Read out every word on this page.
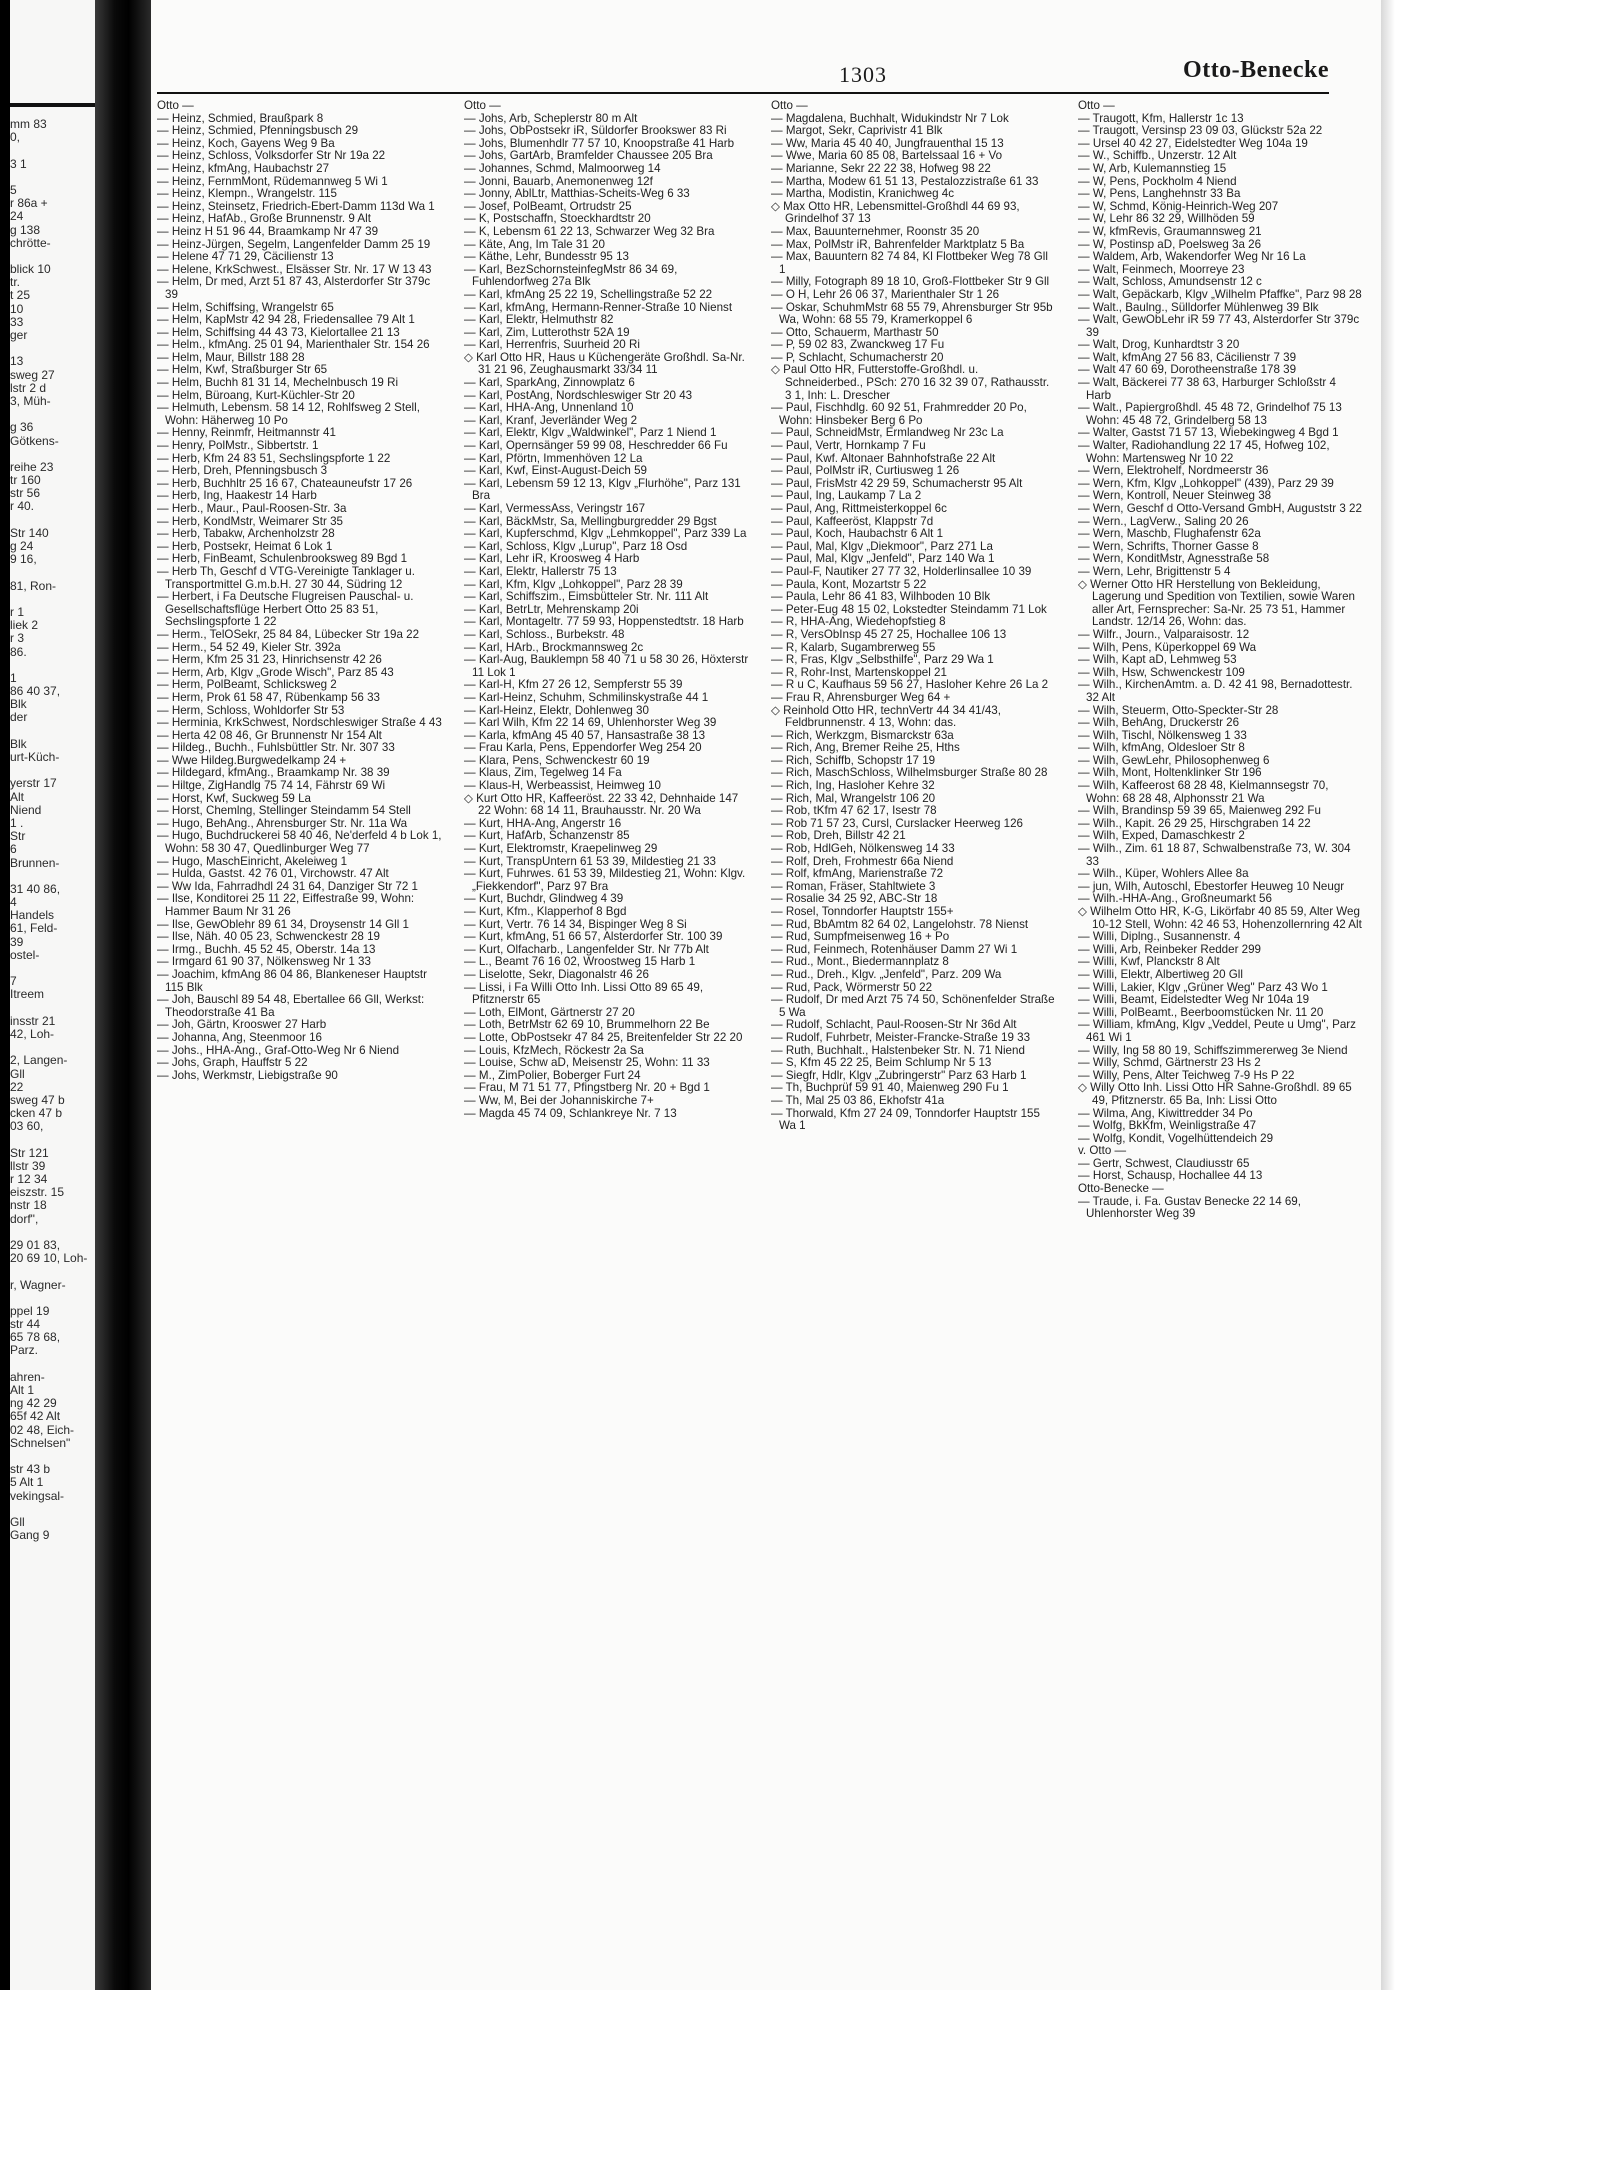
mm 83
0,
3 1
5
r 86a +
24
g 138
chrötte-
blick 10
tr.
t 25
10
33
ger
13
sweg 27
lstr 2 d
3, Müh-
g 36
Götkens-
reihe 23
tr 160
str 56
r 40.
Str 140
g 24
9 16,
81, Ron-
r 1
liek 2
r 3
86.
1
86 40 37,
Blk
der
Blk
urt-Küch-
yerstr 17
Alt
Niend
1 .
Str
6
Brunnen-
31 40 86,
4
Handels
61, Feld-
39
ostel-
7
Itreem
insstr 21
42, Loh-
2, Langen-
Gll
22
sweg 47 b
cken 47 b
03 60,
Str 121
llstr 39
r 12 34
eiszstr. 15
nstr 18
dorf",
29 01 83,
20 69 10, Loh-
r, Wagner-
ppel 19
str 44
65 78 68,
Parz.
ahren-
Alt 1
ng 42 29
65f 42 Alt
02 48, Eich-
Schnelsen"
str 43 b
5 Alt 1
vekingsal-
Gll
Gang 9
1303	Otto-Benecke

Otto —

— Heinz, Schmied, Braußpark 8

— Heinz, Schmied, Pfenningsbusch 29

— Heinz, Koch, Gayens Weg 9 Ba

— Heinz, Schloss, Volksdorfer Str Nr 19a 22

— Heinz, kfmAng, Haubachstr 27

— Heinz, FernmMont, Rüdemannweg 5 Wi 1

— Heinz, Klempn., Wrangelstr. 115

— Heinz, Steinsetz, Friedrich-Ebert-Damm 113d Wa 1

— Heinz, HafAb., Große Brunnenstr. 9 Alt

— Heinz H 51 96 44, Braamkamp Nr 47 39

— Heinz-Jürgen, Segelm, Langenfelder Damm 25 19

— Helene 47 71 29, Cäcilienstr 13

— Helene, KrkSchwest., Elsässer Str. Nr. 17 W 13 43

— Helm, Dr med, Arzt 51 87 43, Alsterdorfer Str 379c 39

— Helm, Schiffsing, Wrangelstr 65

— Helm, KapMstr 42 94 28, Friedensallee 79 Alt 1

— Helm, Schiffsing 44 43 73, Kielortallee 21 13

— Helm., kfmAng. 25 01 94, Marienthaler Str. 154 26

— Helm, Maur, Billstr 188 28

— Helm, Kwf, Straßburger Str 65

— Helm, Buchh 81 31 14, Mechelnbusch 19 Ri

— Helm, Büroang, Kurt-Küchler-Str 20

— Helmuth, Lebensm. 58 14 12, Rohlfsweg 2 Stell, Wohn: Häherweg 10 Po

— Henny, Reinmfr, Heitmannstr 41

— Henry, PolMstr., Sibbertstr. 1

— Herb, Kfm 24 83 51, Sechslingspforte 1 22

— Herb, Dreh, Pfenningsbusch 3

— Herb, Buchhltr 25 16 67, Chateauneufstr 17 26

— Herb, Ing, Haakestr 14 Harb

— Herb., Maur., Paul-Roosen-Str. 3a

— Herb, KondMstr, Weimarer Str 35

— Herb, Tabakw, Archenholzstr 28

— Herb, Postsekr, Heimat 6 Lok 1

— Herb, FinBeamt, Schulenbrooksweg 89 Bgd 1

— Herb Th, Geschf d VTG-Vereinigte Tanklager u. Transportmittel G.m.b.H. 27 30 44, Südring 12

— Herbert, i Fa Deutsche Flugreisen Pauschal- u. Gesellschaftsflüge Herbert Otto 25 83 51, Sechslingspforte 1 22

— Herm., TelOSekr, 25 84 84, Lübecker Str 19a 22

— Herm., 54 52 49, Kieler Str. 392a

— Herm, Kfm 25 31 23, Hinrichsenstr 42 26

— Herm, Arb, Klgv „Grode Wisch", Parz 85 43

— Herm, PolBeamt, Schlicksweg 2

— Herm, Prok 61 58 47, Rübenkamp 56 33

— Herm, Schloss, Wohldorfer Str 53

— Herminia, KrkSchwest, Nordschleswiger Straße 4 43

— Herta 42 08 46, Gr Brunnenstr Nr 154 Alt

— Hildeg., Buchh., Fuhlsbüttler Str. Nr. 307 33

— Wwe Hildeg.Burgwedelkamp 24 +

— Hildegard, kfmAng., Braamkamp Nr. 38 39

— Hiltge, ZigHandlg 75 74 14, Fährstr 69 Wi

— Horst, Kwf, Suckweg 59 La

— Horst, Chemlng, Stellinger Steindamm 54 Stell

— Hugo, BehAng., Ahrensburger Str. Nr. 11a Wa

— Hugo, Buchdruckerei 58 40 46, Ne'derfeld 4 b Lok 1, Wohn: 58 30 47, Quedlinburger Weg 77

— Hugo, MaschEinricht, Akeleiweg 1

— Hulda, Gastst. 42 76 01, Virchowstr. 47 Alt

— Ww Ida, Fahrradhdl 24 31 64, Danziger Str 72 1

— Ilse, Konditorei 25 11 22, Eiffestraße 99, Wohn: Hammer Baum Nr 31 26

— Ilse, GewOblehr 89 61 34, Droysenstr 14 Gll 1

— Ilse, Näh. 40 05 23, Schwenckestr 28 19

— Irmg., Buchh. 45 52 45, Oberstr. 14a 13

— Irmgard 61 90 37, Nölkensweg Nr 1 33

— Joachim, kfmAng 86 04 86, Blankeneser Hauptstr 115 Blk

— Joh, Bauschl 89 54 48, Ebertallee 66 Gll, Werkst: Theodorstraße 41 Ba

— Joh, Gärtn, Krooswег 27 Harb

— Johanna, Ang, Steenmoor 16

— Johs., HHA-Ang., Graf-Otto-Weg Nr 6 Niend

— Johs, Graph, Hauffstr 5 22

— Johs, Werkmstr, Liebigstraße 90

Otto —

— Johs, Arb, Scheplerstr 80 m Alt

— Johs, ObPostsekr iR, Süldorfer Brookswег 83 Ri

— Johs, Blumenhdlr 77 57 10, Knoopstraße 41 Harb

— Johs, GartArb, Bramfelder Chaussee 205 Bra

— Johannes, Schmd, Malmoorweg 14

— Jonni, Bauarb, Anemonenweg 12f

— Jonny, AblLtr, Matthias-Scheits-Weg 6 33

— Josef, PolBeamt, Ortrudstr 25

— K, Postschaffn, Stoeckhardtstr 20

— K, Lebensm 61 22 13, Schwarzer Weg 32 Bra

— Käte, Ang, Im Tale 31 20

— Käthe, Lehr, Bundesstr 95 13

— Karl, BezSchornsteinfegMstr 86 34 69, Fuhlendorfweg 27a Blk

— Karl, kfmAng 25 22 19, Schellingstraße 52 22

— Karl, kfmAng, Hermann-Renner-Straße 10 Nienst

— Karl, Elektr, Helmuthstr 82

— Karl, Zim, Lutterothstr 52A 19

— Karl, Herrenfris, Suurheid 20 Ri

◇ Karl Otto HR, Haus u Küchengeräte Großhdl. Sa-Nr. 31 21 96, Zeughausmarkt 33/34 11

— Karl, SparkAng, Zinnowplatz 6

— Karl, PostAng, Nordschleswiger Str 20 43

— Karl, HHA-Ang, Unnenland 10

— Karl, Kranf, Jeverländer Weg 2

— Karl, Elektr, Klgv „Waldwinkel", Parz 1 Niend 1

— Karl, Opernsänger 59 99 08, Heschredder 66 Fu

— Karl, Pförtn, Immenhöven 12 La

— Karl, Kwf, Einst-August-Deich 59

— Karl, Lebensm 59 12 13, Klgv „Flurhöhe", Parz 131 Bra

— Karl, VermessAss, Veringstr 167

— Karl, BäckMstr, Sa, Mellingburgredder 29 Bgst

— Karl, Kupferschmd, Klgv „Lehmkoppel", Parz 339 La

— Karl, Schloss, Klgv „Lurup", Parz 18 Osd

— Karl, Lehr iR, Kroosweg 4 Harb

— Karl, Elektr, Hallerstr 75 13

— Karl, Kfm, Klgv „Lohkoppel", Parz 28 39

— Karl, Schiffszim., Eimsbütteler Str. Nr. 111 Alt

— Karl, BetrLtr, Mehrenskamp 20i

— Karl, Montageltr. 77 59 93, Hoppenstedtstr. 18 Harb

— Karl, Schloss., Burbekstr. 48

— Karl, HArb., Brockmannsweg 2c

— Karl-Aug, Bauklempn 58 40 71 u 58 30 26, Höxterstr 11 Lok 1

— Karl-H, Kfm 27 26 12, Sempferstr 55 39

— Karl-Heinz, Schuhm, Schmilinskystraße 44 1

— Karl-Heinz, Elektr, Dohlenweg 30

— Karl Wilh, Kfm 22 14 69, Uhlenhorster Weg 39

— Karla, kfmAng 45 40 57, Hansastraße 38 13

— Frau Karla, Pens, Eppendorfer Weg 254 20

— Klara, Pens, Schwenckestr 60 19

— Klaus, Zim, Tegelweg 14 Fa

— Klaus-H, Werbeassist, Heimweg 10

◇ Kurt Otto HR, Kaffeeröst. 22 33 42, Dehnhaide 147 22 Wohn: 68 14 11, Brauhausstr. Nr. 20 Wa

— Kurt, HHA-Ang, Angerstr 16

— Kurt, HafArb, Schanzenstr 85

— Kurt, Elektromstr, Kraepelinweg 29

— Kurt, TranspUntern 61 53 39, Mildestieg 21 33

— Kurt, Fuhrwes. 61 53 39, Mildestieg 21, Wohn: Klgv. „Fiekkendorf", Parz 97 Bra

— Kurt, Buchdr, Glindweg 4 39

— Kurt, Kfm., Klapperhof 8 Bgd

— Kurt, Vertr. 76 14 34, Bispinger Weg 8 Si

— Kurt, kfmAng, 51 66 57, Alsterdorfer Str. 100 39

— Kurt, Olfacharb., Langenfelder Str. Nr 77b Alt

— L., Beamt 76 16 02, Wroostweg 15 Harb 1

— Liselotte, Sekr, Diagonalstr 46 26

— Lissi, i Fa Willi Otto Inh. Lissi Otto 89 65 49, Pfitznerstr 65

— Loth, ElMont, Gärtnerstr 27 20

— Loth, BetrMstr 62 69 10, Brummelhorn 22 Be

— Lotte, ObPostsekr 47 84 25, Breitenfelder Str 22 20

— Louis, KfzMech, Röckestr 2a Sa

— Louise, Schw aD, Meisenstr 25, Wohn: 11 33

— M., ZimPolier, Boberger Furt 24

— Frau, M 71 51 77, Pfingstberg Nr. 20 + Bgd 1

— Ww, M, Bei der Johanniskirche 7+

— Magda 45 74 09, Schlankreye Nr. 7 13

Otto —

— Magdalena, Buchhalt, Widukindstr Nr 7 Lok

— Margot, Sekr, Caprivistr 41 Blk

— Ww, Maria 45 40 40, Jungfrauenthal 15 13

— Wwe, Maria 60 85 08, Bartelssaal 16 + Vo

— Marianne, Sekr 22 22 38, Hofweg 98 22

— Martha, Modew 61 51 13, Pestalozzistraße 61 33

— Martha, Modistin, Kranichweg 4c

◇ Max Otto HR, Lebensmittel-Großhdl 44 69 93, Grindelhof 37 13

— Max, Bauunternehmer, Roonstr 35 20

— Max, PolMstr iR, Bahrenfelder Marktplatz 5 Ba

— Max, Bauuntern 82 74 84, Kl Flottbeker Weg 78 Gll 1

— Milly, Fotograph 89 18 10, Groß-Flottbeker Str 9 Gll

— O H, Lehr 26 06 37, Marienthaler Str 1 26

— Oskar, SchuhmMstr 68 55 79, Ahrensburger Str 95b Wa, Wohn: 68 55 79, Kramerkoppel 6

— Otto, Schauerm, Marthastr 50

— P, 59 02 83, Zwanckweg 17 Fu

— P, Schlacht, Schumacherstr 20

◇ Paul Otto HR, Futterstoffe-Großhdl. u. Schneiderbed., PSch: 270 16 32 39 07, Rathausstr. 3 1, Inh: L. Drescher

— Paul, Fischhdlg. 60 92 51, Frahmredder 20 Po, Wohn: Hinsbeker Berg 6 Po

— Paul, SchneidMstr, Ermlandweg Nr 23c La

— Paul, Vertr, Hornkamp 7 Fu

— Paul, Kwf. Altonaer Bahnhofstraße 22 Alt

— Paul, PolMstr iR, Curtiusweg 1 26

— Paul, FrisMstr 42 29 59, Schumacherstr 95 Alt

— Paul, Ing, Laukamp 7 La 2

— Paul, Ang, Rittmeisterkoppel 6c

— Paul, Kaffeeröst, Klappstr 7d

— Paul, Koch, Haubachstr 6 Alt 1

— Paul, Mal, Klgv „Diekmoor", Parz 271 La

— Paul, Mal, Klgv „Jenfeld", Parz 140 Wa 1

— Paul-F, Nautiker 27 77 32, Holderlinsallee 10 39

— Paula, Kont, Mozartstr 5 22

— Paula, Lehr 86 41 83, Wilhboden 10 Blk

— Peter-Eug 48 15 02, Lokstedter Steindamm 71 Lok

— R, HHA-Ang, Wiedehopfstieg 8

— R, VersObInsp 45 27 25, Hochallee 106 13

— R, Kalarb, Sugambrerweg 55

— R, Fras, Klgv „Selbsthilfe", Parz 29 Wa 1

— R, Rohr-Inst, Martenskoppel 21

— R u C, Kaufhaus 59 56 27, Hasloher Kehre 26 La 2

— Frau R, Ahrensburger Weg 64 +

◇ Reinhold Otto HR, technVertr 44 34 41/43, Feldbrunnenstr. 4 13, Wohn: das.

— Rich, Werkzgm, Bismarckstr 63a

— Rich, Ang, Bremer Reihe 25, Hths

— Rich, Schiffb, Schopstr 17 19

— Rich, MaschSchloss, Wilhelmsburger Straße 80 28

— Rich, Ing, Hasloher Kehre 32

— Rich, Mal, Wrangelstr 106 20

— Rob, tKfm 47 62 17, Isestr 78

— Rob 71 57 23, Cursl, Curslacker Heerweg 126

— Rob, Dreh, Billstr 42 21

— Rob, HdlGeh, Nölkensweg 14 33

— Rolf, Dreh, Frohmestr 66a Niend

— Rolf, kfmAng, Marienstraße 72

— Roman, Fräser, Stahltwiete 3

— Rosalie 34 25 92, ABC-Str 18

— Rosel, Tonndorfer Hauptstr 155+

— Rud, BbAmtm 82 64 02, Langelohstr. 78 Nienst

— Rud, Sumpfmeisenweg 16 + Po

— Rud, Feinmech, Rotenhäuser Damm 27 Wi 1

— Rud., Mont., Biedermannplatz 8

— Rud., Dreh., Klgv. „Jenfeld", Parz. 209 Wa

— Rud, Pack, Wörmerstr 50 22

— Rudolf, Dr med Arzt 75 74 50, Schönenfelder Straße 5 Wa

— Rudolf, Schlacht, Paul-Roosen-Str Nr 36d Alt

— Rudolf, Fuhrbetr, Meister-Francke-Straße 19 33

— Ruth, Buchhalt., Halstenbeker Str. N. 71 Niend

— S, Kfm 45 22 25, Beim Schlump Nr 5 13

— Siegfr, Hdlr, Klgv „Zubringerstr" Parz 63 Harb 1

— Th, Buchprüf 59 91 40, Maienweg 290 Fu 1

— Th, Mal 25 03 86, Ekhofstr 41a

— Thorwald, Kfm 27 24 09, Tonndorfer Hauptstr 155 Wa 1

Otto —

— Traugott, Kfm, Hallerstr 1c 13

— Traugott, Versinsp 23 09 03, Glückstr 52a 22

— Ursel 40 42 27, Eidelstedter Weg 104a 19

— W., Schiffb., Unzerstr. 12 Alt

— W, Arb, Kulemannstieg 15

— W, Pens, Pockholm 4 Niend

— W, Pens, Langhehnstr 33 Ba

— W, Schmd, König-Heinrich-Weg 207

— W, Lehr 86 32 29, Willhöden 59

— W, kfmRevis, Graumannsweg 21

— W, Postinsp aD, Poelsweg 3a 26

— Waldem, Arb, Wakendorfer Weg Nr 16 La

— Walt, Feinmech, Moorreye 23

— Walt, Schloss, Amundsenstr 12 c

— Walt, Gepäckarb, Klgv „Wilhelm Pfaffke", Parz 98 28

— Walt., Baulng., Sülldorfer Mühlenweg 39 Blk

— Walt, GewObLehr iR 59 77 43, Alsterdorfer Str 379c 39

— Walt, Drog, Kunhardtstr 3 20

— Walt, kfmAng 27 56 83, Cäcilienstr 7 39

— Walt 47 60 69, Dorotheenstraße 178 39

— Walt, Bäckerei 77 38 63, Harburger Schloßstr 4 Harb

— Walt., Papiergroßhdl. 45 48 72, Grindelhof 75 13 Wohn: 45 48 72, Grindelberg 58 13

— Walter, Gastst 71 57 13, Wiebekingweg 4 Bgd 1

— Walter, Radiohandlung 22 17 45, Hofweg 102, Wohn: Martensweg Nr 10 22

— Wern, Elektrohelf, Nordmeerstr 36

— Wern, Kfm, Klgv „Lohkoppel" (439), Parz 29 39

— Wern, Kontroll, Neuer Steinweg 38

— Wern, Geschf d Otto-Versand GmbH, Auguststr 3 22

— Wern., LagVerw., Saling 20 26

— Wern, Maschb, Flughafenstr 62a

— Wern, Schrifts, Thorner Gasse 8

— Wern, KonditMstr, Agnesstraße 58

— Wern, Lehr, Brigittenstr 5 4

◇ Werner Otto HR Herstellung von Bekleidung, Lagerung und Spedition von Textilien, sowie Waren aller Art, Fernsprecher: Sa-Nr. 25 73 51, Hammer Landstr. 12/14 26, Wohn: das.

— Wilfr., Journ., Valparaisostr. 12

— Wilh, Pens, Küperkoppel 69 Wa

— Wilh, Kapt aD, Lehmweg 53

— Wilh, Hsw, Schwenckestr 109

— Wilh., KirchenAmtm. a. D. 42 41 98, Bernadottestr. 32 Alt

— Wilh, Steuerm, Otto-Speckter-Str 28

— Wilh, BehAng, Druckerstr 26

— Wilh, Tischl, Nölkensweg 1 33

— Wilh, kfmAng, Oldesloer Str 8

— Wilh, GewLehr, Philosophenweg 6

— Wilh, Mont, Holtenklinker Str 196

— Wilh, Kaffeerost 68 28 48, Kielmannsegstr 70, Wohn: 68 28 48, Alphonsstr 21 Wa

— Wilh, Brandinsp 59 39 65, Maienweg 292 Fu

— Wilh., Kapit. 26 29 25, Hirschgraben 14 22

— Wilh, Exped, Damaschkestr 2

— Wilh., Zim. 61 18 87, Schwalbenstraße 73, W. 304 33

— Wilh., Küper, Wohlers Allee 8a

— jun, Wilh, Autoschl, Ebestorfer Heuweg 10 Neugr

— Wilh.-HHA-Ang., Großneumarkt 56

◇ Wilhelm Otto HR, K-G, Likörfabr 40 85 59, Alter Weg 10-12 Stell, Wohn: 42 46 53, Hohenzollernring 42 Alt

— Willi, Diplng., Susannenstr. 4

— Willi, Arb, Reinbeker Redder 299

— Willi, Kwf, Planckstr 8 Alt

— Willi, Elektr, Albertiweg 20 Gll

— Willi, Lakier, Klgv „Grüner Weg" Parz 43 Wo 1

— Willi, Beamt, Eidelstedter Weg Nr 104a 19

— Willi, PolBeamt., Beerboomstücken Nr. 11 20

— William, kfmAng, Klgv „Veddel, Peute u Umg", Parz 461 Wi 1

— Willy, Ing 58 80 19, Schiffszimmererweg 3e Niend

— Willy, Schmd, Gärtnerstr 23 Hs 2

— Willy, Pens, Alter Teichweg 7-9 Hs P 22

◇ Willy Otto Inh. Lissi Otto HR Sahne-Großhdl. 89 65 49, Pfitznerstr. 65 Ba, Inh: Lissi Otto

— Wilma, Ang, Kiwittredder 34 Po

— Wolfg, BkKfm, Weinligstraße 47

— Wolfg, Kondit, Vogelhüttendeich 29

v. Otto —

— Gertr, Schwest, Claudiusstr 65

— Horst, Schausp, Hochallee 44 13

Otto-Benecke —

— Traude, i. Fa. Gustav Benecke 22 14 69, Uhlenhorster Weg 39
